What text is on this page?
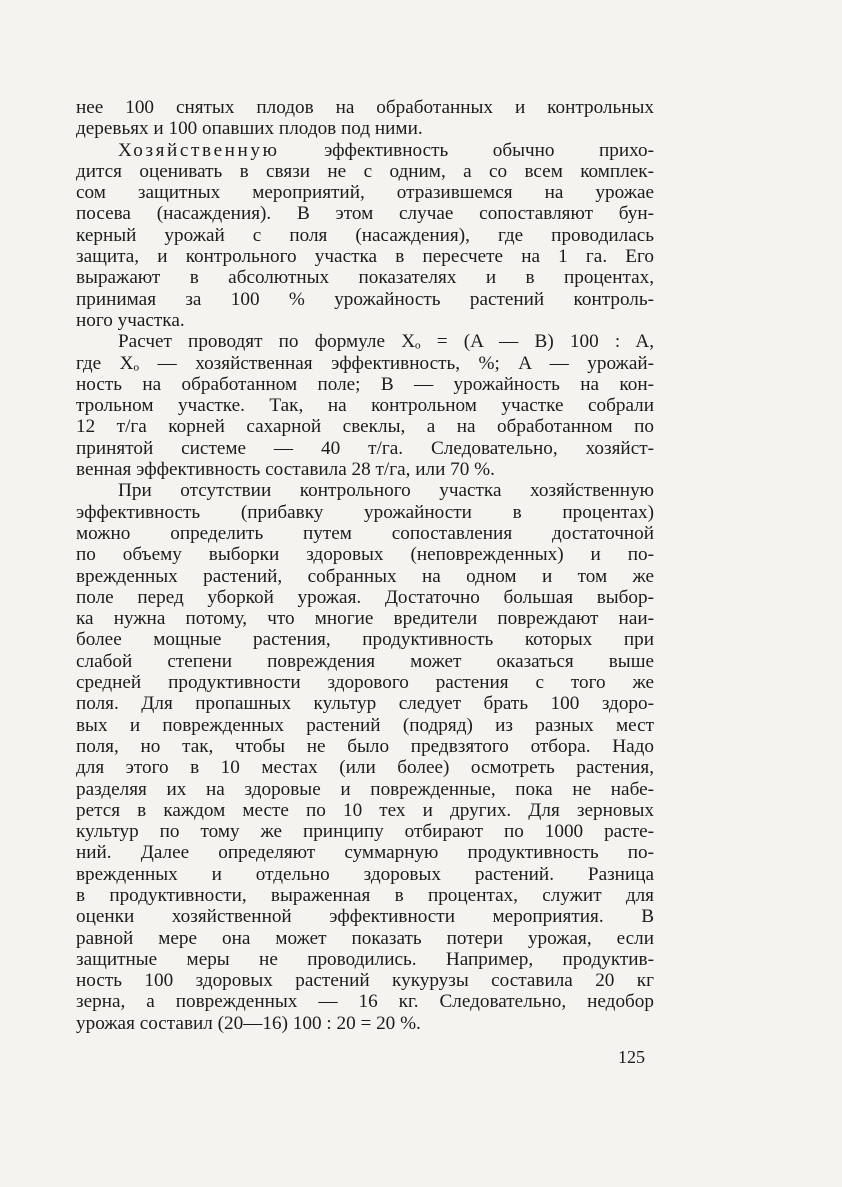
нее 100 снятых плодов на обработанных и контрольных
деревьях и 100 опавших плодов под ними.
Хозяйственную эффективность обычно прихо-
дится оценивать в связи не с одним, а со всем комплек-
сом защитных мероприятий, отразившемся на урожае
посева (насаждения). В этом случае сопоставляют бун-
керный урожай с поля (насаждения), где проводилась
защита, и контрольного участка в пересчете на 1 га. Его
выражают в абсолютных показателях и в процентах,
принимая за 100 % урожайность растений контроль-
ного участка.
Расчет проводят по формуле Xₒ = (A — B) 100 : A,
где Xₒ — хозяйственная эффективность, %; A — урожай-
ность на обработанном поле; B — урожайность на кон-
трольном участке. Так, на контрольном участке собрали
12 т/га корней сахарной свеклы, а на обработанном по
принятой системе — 40 т/га. Следовательно, хозяйст-
венная эффективность составила 28 т/га, или 70 %.
При отсутствии контрольного участка хозяйственную
эффективность (прибавку урожайности в процентах)
можно определить путем сопоставления достаточной
по объему выборки здоровых (неповрежденных) и по-
врежденных растений, собранных на одном и том же
поле перед уборкой урожая. Достаточно большая выбор-
ка нужна потому, что многие вредители повреждают наи-
более мощные растения, продуктивность которых при
слабой степени повреждения может оказаться выше
средней продуктивности здорового растения с того же
поля. Для пропашных культур следует брать 100 здоро-
вых и поврежденных растений (подряд) из разных мест
поля, но так, чтобы не было предвзятого отбора. Надо
для этого в 10 местах (или более) осмотреть растения,
разделяя их на здоровые и поврежденные, пока не набе-
рется в каждом месте по 10 тех и других. Для зерновых
культур по тому же принципу отбирают по 1000 расте-
ний. Далее определяют суммарную продуктивность по-
врежденных и отдельно здоровых растений. Разница
в продуктивности, выраженная в процентах, служит для
оценки хозяйственной эффективности мероприятия. В
равной мере она может показать потери урожая, если
защитные меры не проводились. Например, продуктив-
ность 100 здоровых растений кукурузы составила 20 кг
зерна, а поврежденных — 16 кг. Следовательно, недобор
урожая составил (20—16) 100 : 20 = 20 %.
125
